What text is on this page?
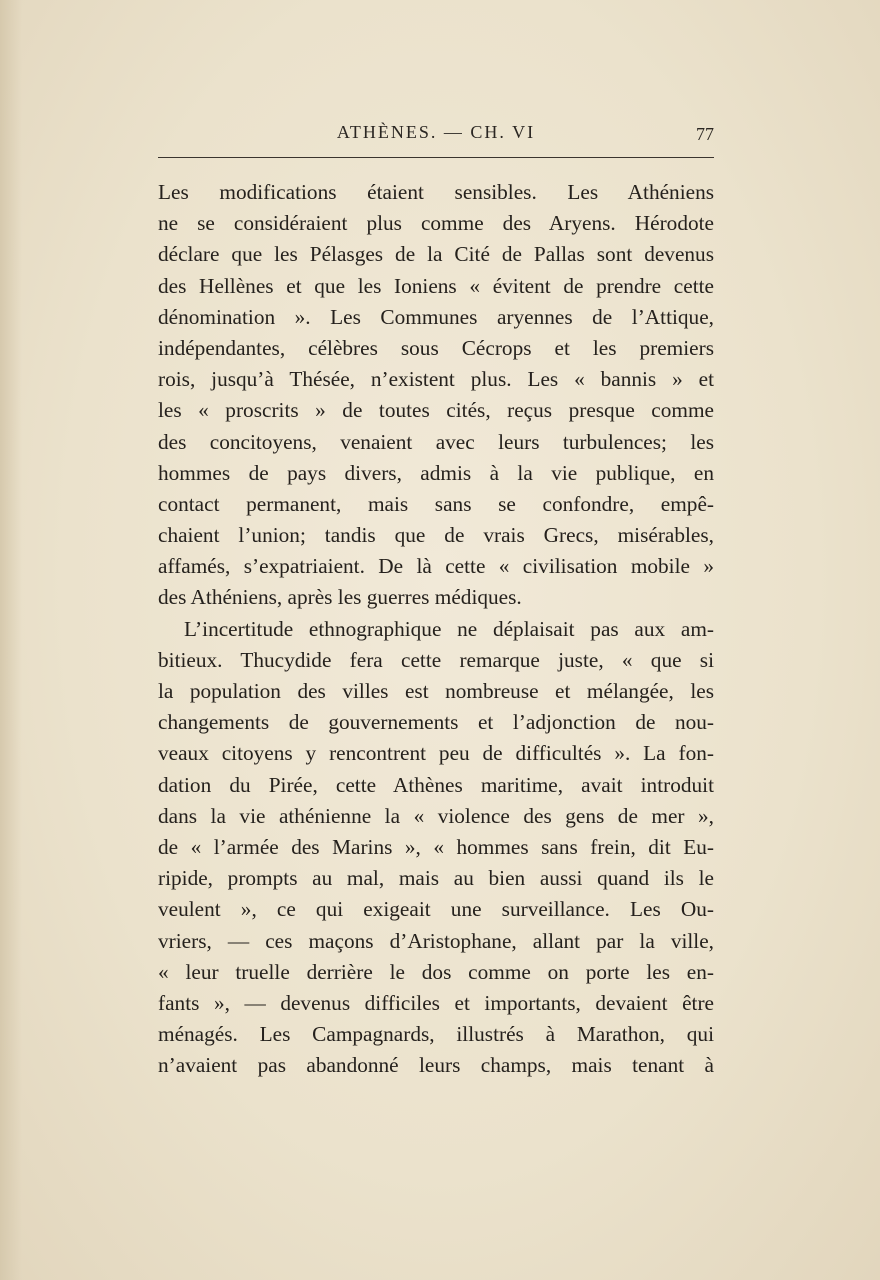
ATHÈNES. — CH. VI	77
Les modifications étaient sensibles. Les Athéniens
ne se considéraient plus comme des Aryens. Hérodote
déclare que les Pélasges de la Cité de Pallas sont devenus
des Hellènes et que les Ioniens « évitent de prendre cette
dénomination ». Les Communes aryennes de l’Attique,
indépendantes, célèbres sous Cécrops et les premiers
rois, jusqu’à Thésée, n’existent plus. Les « bannis » et
les « proscrits » de toutes cités, reçus presque comme
des concitoyens, venaient avec leurs turbulences; les
hommes de pays divers, admis à la vie publique, en
contact permanent, mais sans se confondre, empê-
chaient l’union; tandis que de vrais Grecs, misérables,
affamés, s’expatriaient. De là cette « civilisation mobile »
des Athéniens, après les guerres médiques.
L’incertitude ethnographique ne déplaisait pas aux am-
bitieux. Thucydide fera cette remarque juste, « que si
la population des villes est nombreuse et mélangée, les
changements de gouvernements et l’adjonction de nou-
veaux citoyens y rencontrent peu de difficultés ». La fon-
dation du Pirée, cette Athènes maritime, avait introduit
dans la vie athénienne la « violence des gens de mer »,
de « l’armée des Marins », « hommes sans frein, dit Eu-
ripide, prompts au mal, mais au bien aussi quand ils le
veulent », ce qui exigeait une surveillance. Les Ou-
vriers, — ces maçons d’Aristophane, allant par la ville,
« leur truelle derrière le dos comme on porte les en-
fants », — devenus difficiles et importants, devaient être
ménagés. Les Campagnards, illustrés à Marathon, qui
n’avaient pas abandonné leurs champs, mais tenant à
